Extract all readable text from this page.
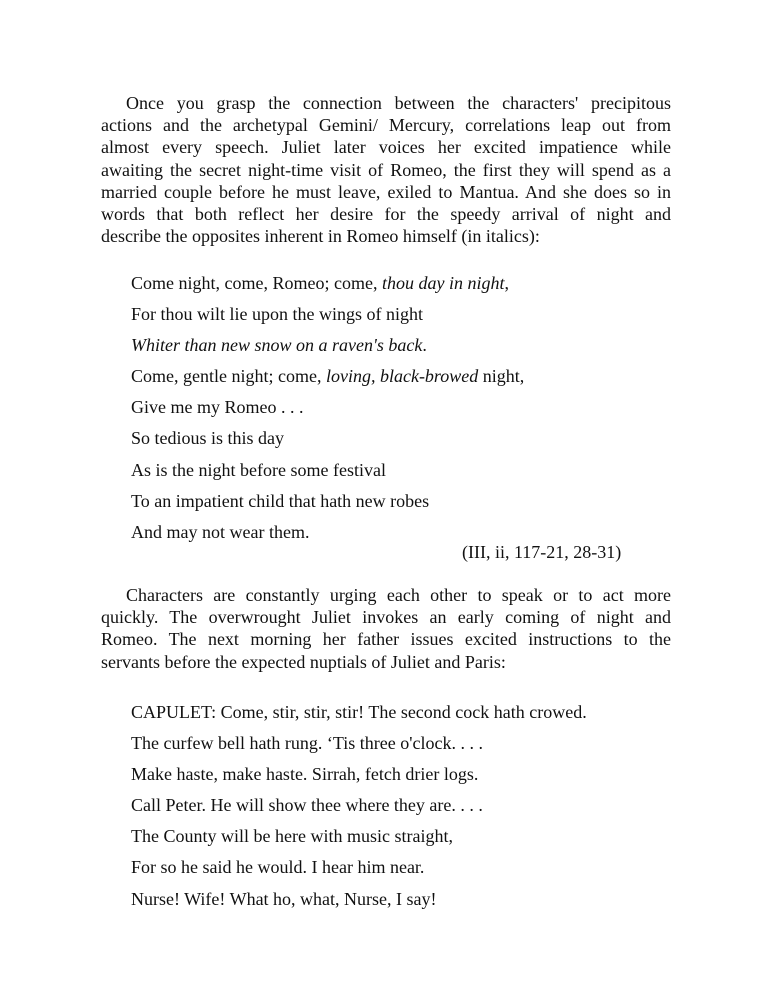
Once you grasp the connection between the characters' precipitous
actions and the archetypal Gemini/ Mercury, correlations leap out from
almost every speech. Juliet later voices her excited impatience while
awaiting the secret night-time visit of Romeo, the first they will spend as a
married couple before he must leave, exiled to Mantua. And she does so in
words that both reflect her desire for the speedy arrival of night and
describe the opposites inherent in Romeo himself (in italics):

Come night, come, Romeo; come, thou day in night,
For thou wilt lie upon the wings of night
Whiter than new snow on a raven's back.
Come, gentle night; come, loving, black-browed night,
Give me my Romeo . . .
So tedious is this day
As is the night before some festival
To an impatient child that hath new robes
And may not wear them.
(III, ii, 117-21, 28-31)

Characters are constantly urging each other to speak or to act more
quickly. The overwrought Juliet invokes an early coming of night and
Romeo. The next morning her father issues excited instructions to the
servants before the expected nuptials of Juliet and Paris:

CAPULET: Come, stir, stir, stir! The second cock hath crowed.
The curfew bell hath rung. ‘Tis three o'clock. . . .
Make haste, make haste. Sirrah, fetch drier logs.
Call Peter. He will show thee where they are. . . .
The County will be here with music straight,
For so he said he would. I hear him near.
Nurse! Wife! What ho, what, Nurse, I say!
